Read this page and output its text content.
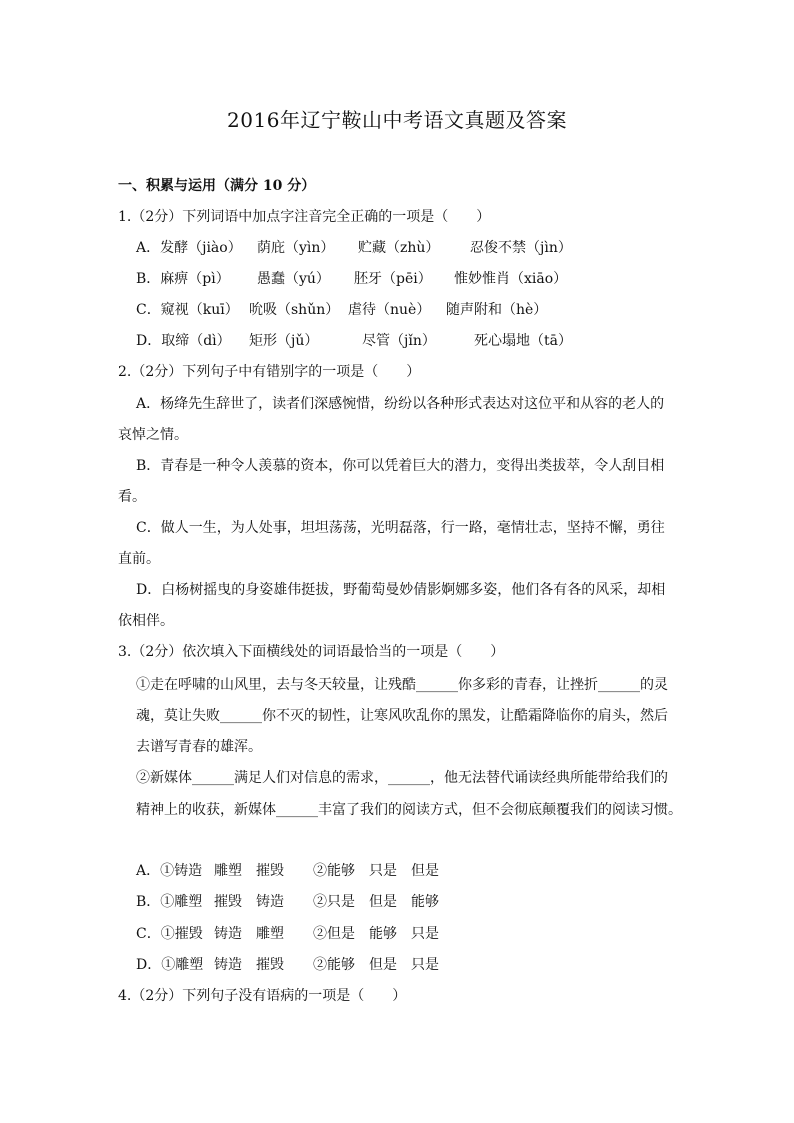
2016年辽宁鞍山中考语文真题及答案
一、积累与运用（满分 10 分）
1.（2分）下列词语中加点字注音完全正确的一项是（　　）
A．发酵（jiào） 荫庇（yìn） 贮藏（zhù） 忍俊不禁（jìn）
B．麻痹（pì） 愚蠢（yú） 胚牙（pēi） 惟妙惟肖（xiāo）
C．窥视（kuī） 吮吸（shǔn） 虐待（nuè） 随声附和（hè）
D．取缔（dì） 矩形（jǔ）	尽管（jǐn）	死心塌地（tā）
2.（2分）下列句子中有错别字的一项是（　　）
A．杨绛先生辞世了，读者们深感惋惜，纷纷以各种形式表达对这位平和从容的老人的
哀悼之情。
B．青春是一种令人羡慕的资本，你可以凭着巨大的潜力，变得出类拔萃，令人刮目相
看。
C．做人一生，为人处事，坦坦荡荡，光明磊落，行一路，毫情壮志，坚持不懈，勇往
直前。
D．白杨树摇曳的身姿雄伟挺拔，野葡萄曼妙倩影婀娜多姿，他们各有各的风采，却相
依相伴。
3.（2分）依次填入下面横线处的词语最恰当的一项是（　　）
①走在呼啸的山风里，去与冬天较量，让残酷______你多彩的青春，让挫折______的灵
魂，莫让失败______你不灭的韧性，让寒风吹乱你的黑发，让酷霜降临你的肩头，然后
去谱写青春的雄浑。
②新媒体______满足人们对信息的需求，______，他无法替代诵读经典所能带给我们的
精神上的收获，新媒体______丰富了我们的阅读方式，但不会彻底颠覆我们的阅读习惯。
A．①铸造 雕塑 摧毁 ②能够 只是 但是
B．①雕塑 摧毁 铸造 ②只是 但是 能够
C．①摧毁 铸造 雕塑 ②但是 能够 只是
D．①雕塑 铸造 摧毁 ②能够 但是 只是
4.（2分）下列句子没有语病的一项是（　　）
